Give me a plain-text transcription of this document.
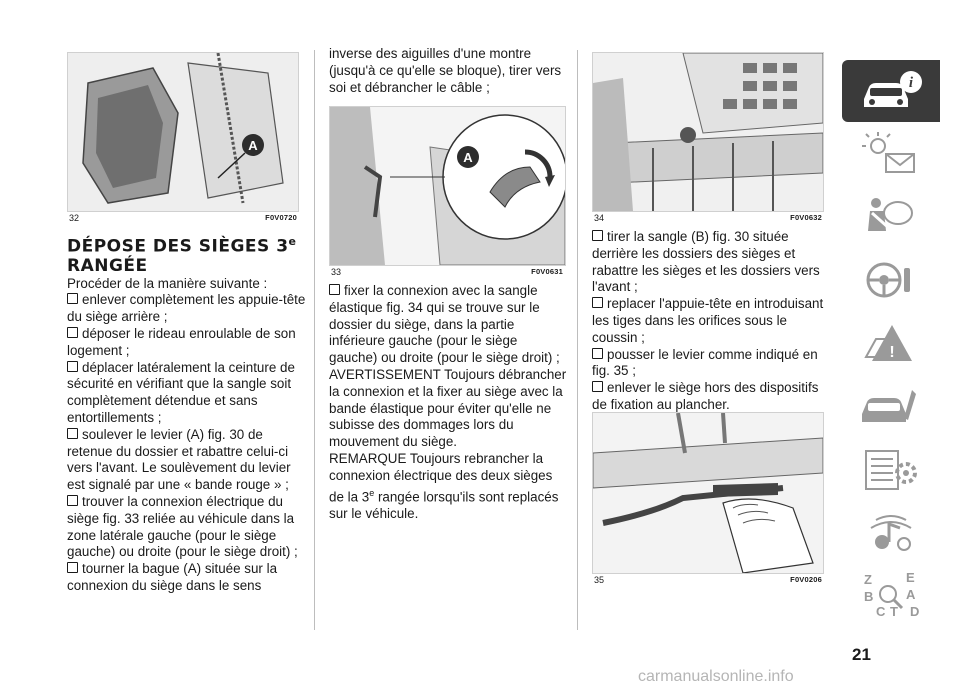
A
32	F0V0720

DÉPOSE DES SIÈGES 3e
RANGÉE

Procéder de la manière suivante :

enlever complètement les appuie-tête du siège arrière ;

déposer le rideau enroulable de son logement ;

déplacer latéralement la ceinture de sécurité en vérifiant que la sangle soit complètement détendue et sans entortillements ;

soulever le levier (A) fig. 30 de retenue du dossier et rabattre celui-ci vers l'avant. Le soulèvement du levier est signalé par une « bande rouge » ;

trouver la connexion électrique du siège fig. 33 reliée au véhicule dans la zone latérale gauche (pour le siège gauche) ou droite (pour le siège droit) ;

tourner la bague (A) située sur la connexion du siège dans le sens

inverse des aiguilles d'une montre (jusqu'à ce qu'elle se bloque), tirer vers soi et débrancher le câble ;

A
33	F0V0631

fixer la connexion avec la sangle élastique fig. 34 qui se trouve sur le dossier du siège, dans la partie inférieure gauche (pour le siège gauche) ou droite (pour le siège droit) ;

AVERTISSEMENT Toujours débrancher la connexion et la fixer au siège avec la bande élastique pour éviter qu'elle ne subisse des dommages lors du mouvement du siège.

REMARQUE Toujours rebrancher la connexion électrique des deux sièges de la 3e rangée lorsqu'ils sont replacés sur le véhicule.

34	F0V0632

tirer la sangle (B) fig. 30 située derrière les dossiers des sièges et rabattre les sièges et les dossiers vers l'avant ;

replacer l'appuie-tête en introduisant les tiges dans les orifices sous le coussin ;

pousser le levier comme indiqué en fig. 35 ;

enlever le siège hors des dispositifs de fixation au plancher.

35	F0V0206
i
!
Z	E
B	A
C T D
21
carmanualsonline.info
